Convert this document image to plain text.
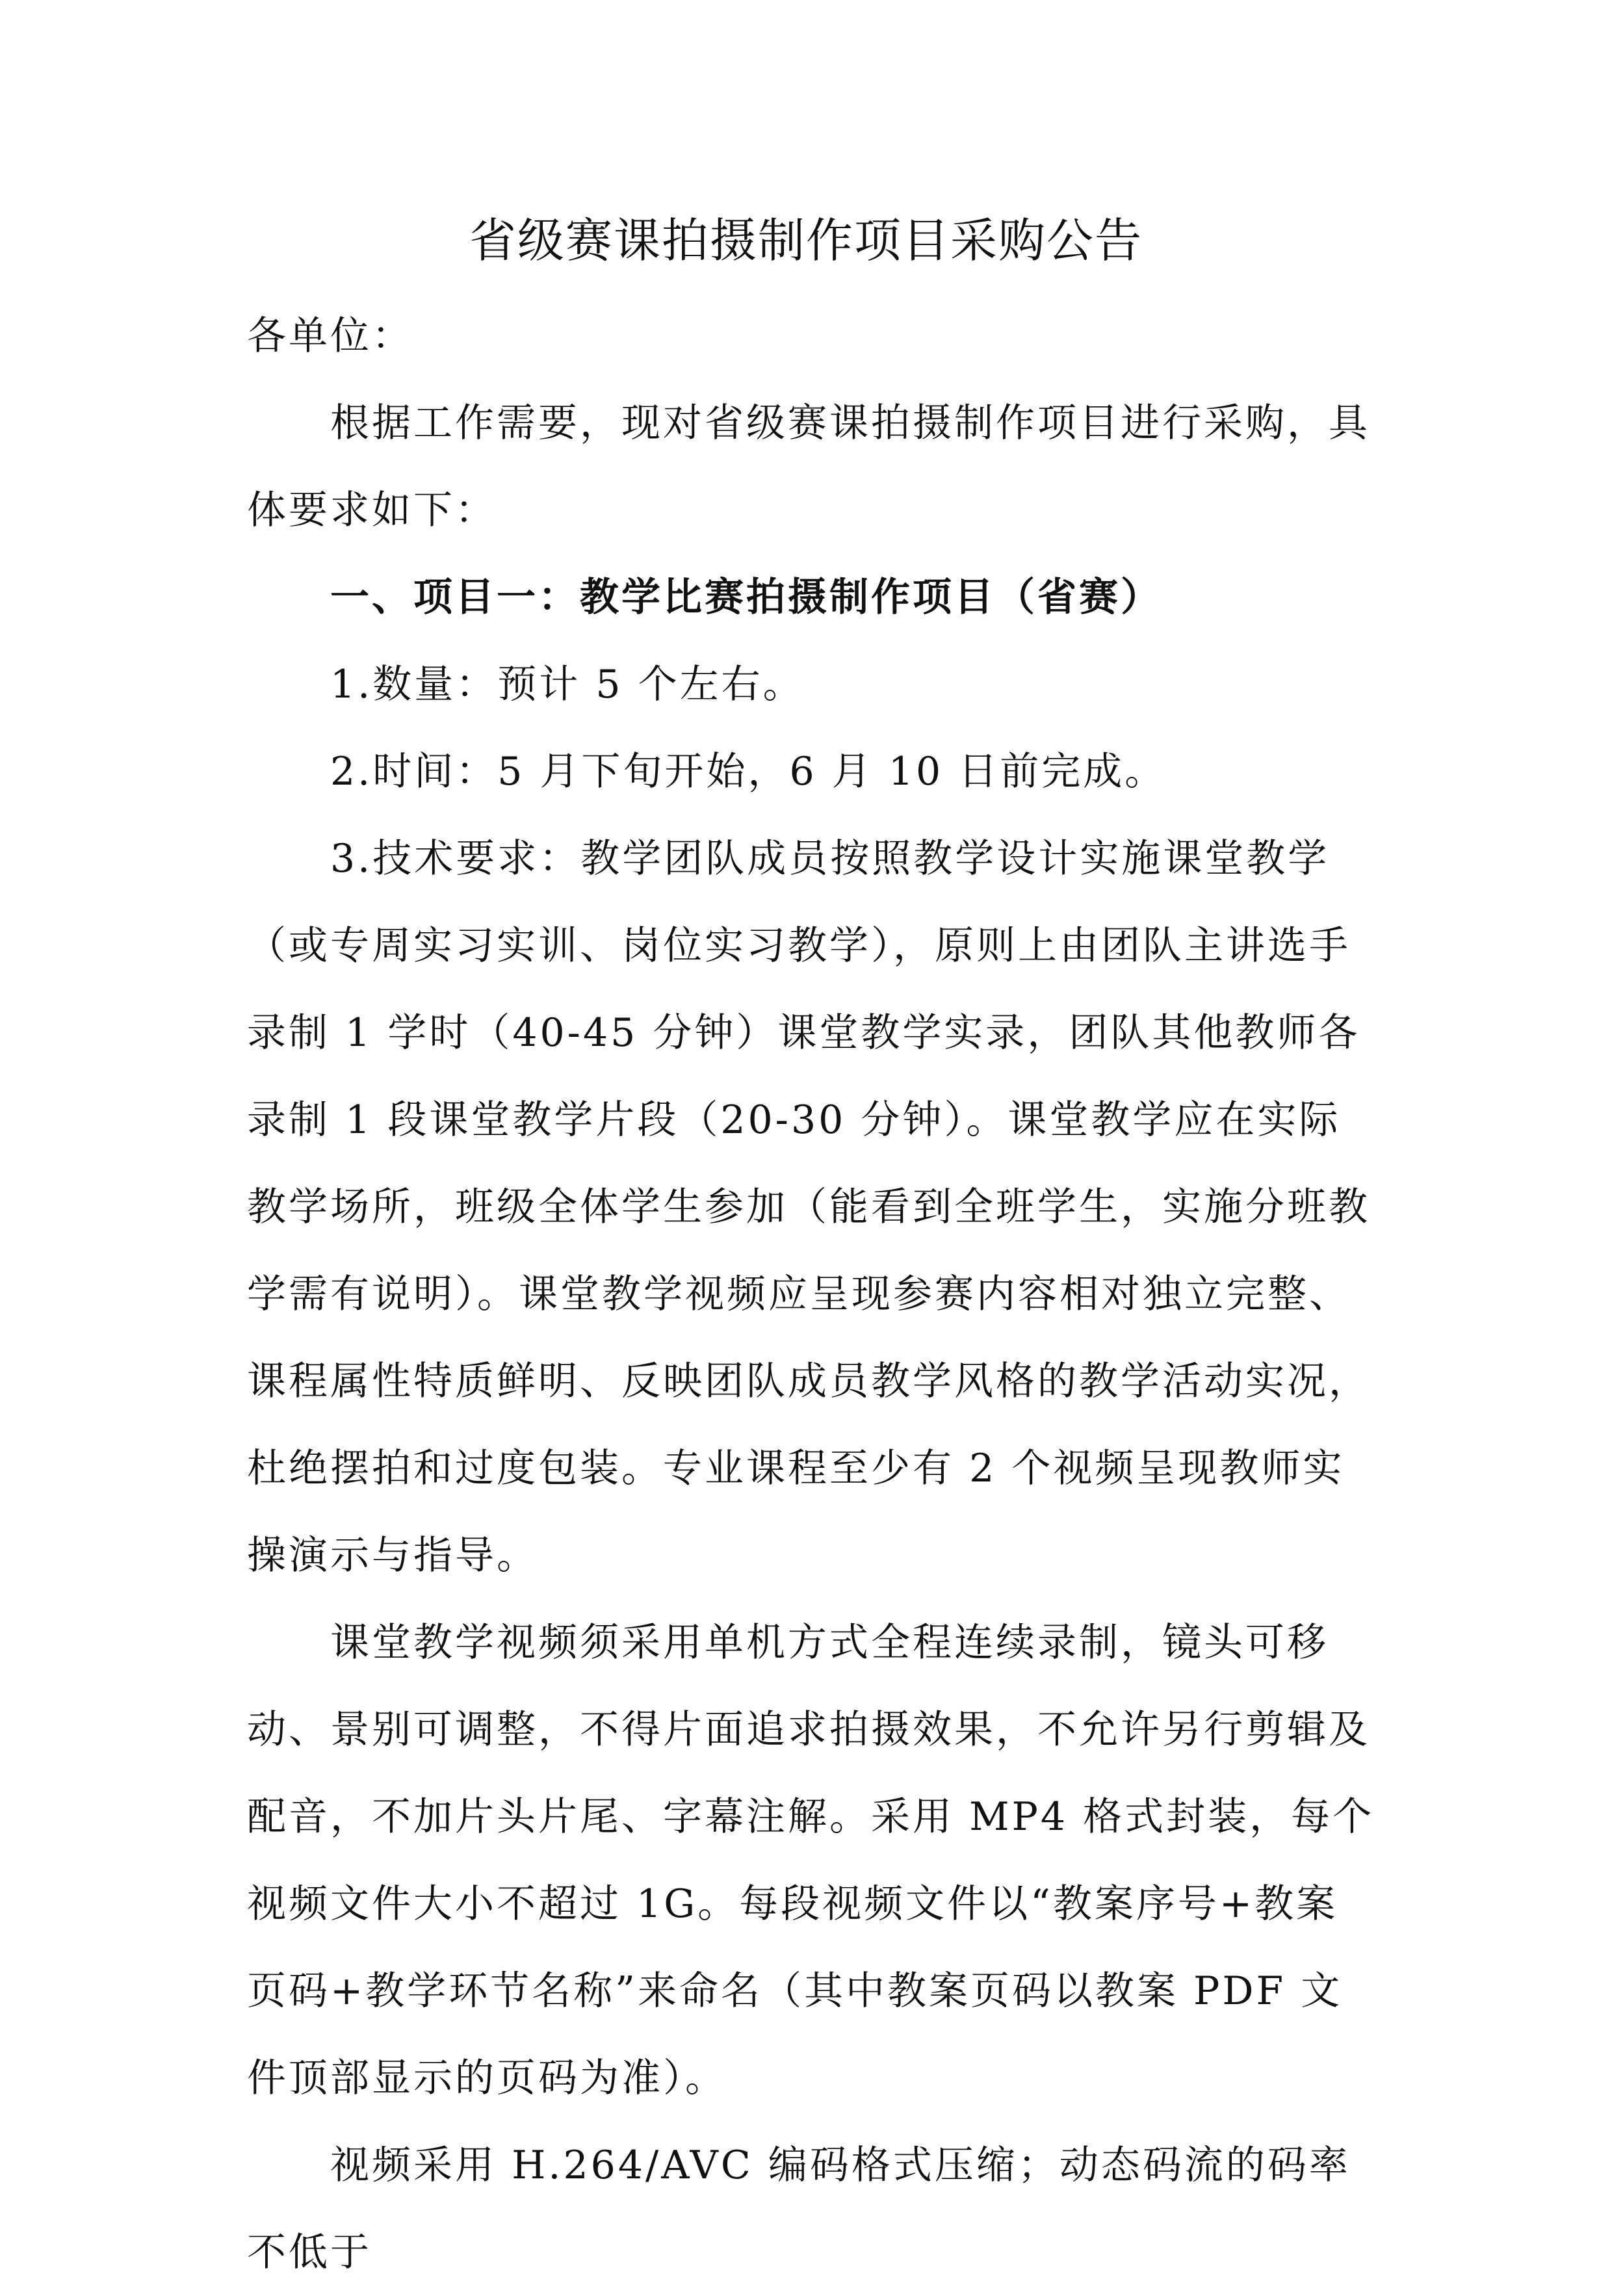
省级赛课拍摄制作项目采购公告

各单位：

根据工作需要，现对省级赛课拍摄制作项目进行采购，具体要求如下：

一、项目一：教学比赛拍摄制作项目（省赛）

1.数量：预计 5 个左右。

2.时间：5 月下旬开始，6 月 10 日前完成。

3.技术要求：教学团队成员按照教学设计实施课堂教学（或专周实习实训、岗位实习教学），原则上由团队主讲选手录制 1 学时（40-45 分钟）课堂教学实录，团队其他教师各录制 1 段课堂教学片段（20-30 分钟）。课堂教学应在实际教学场所，班级全体学生参加（能看到全班学生，实施分班教学需有说明）。课堂教学视频应呈现参赛内容相对独立完整、课程属性特质鲜明、反映团队成员教学风格的教学活动实况，杜绝摆拍和过度包装。专业课程至少有 2 个视频呈现教师实操演示与指导。

课堂教学视频须采用单机方式全程连续录制，镜头可移动、景别可调整，不得片面追求拍摄效果，不允许另行剪辑及配音，不加片头片尾、字幕注解。采用 MP4 格式封装，每个视频文件大小不超过 1G。每段视频文件以“教案序号+教案页码+教学环节名称”来命名（其中教案页码以教案 PDF 文件顶部显示的页码为准）。

视频采用 H.264/AVC 编码格式压缩；动态码流的码率不低于
